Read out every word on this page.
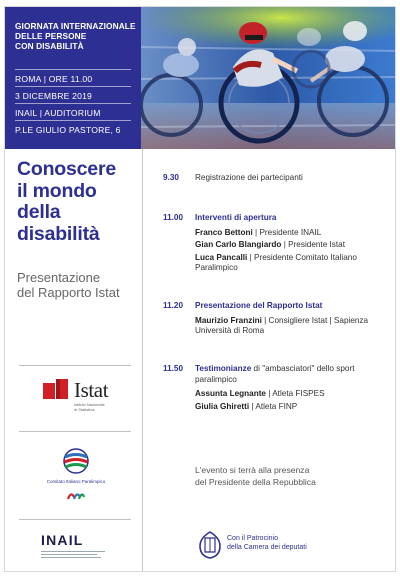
GIORNATA INTERNAZIONALE
DELLE PERSONE
CON DISABILITÀ
ROMA | ORE 11.00
3 DICEMBRE 2019
INAIL | AUDITORIUM
P.LE GIULIO PASTORE, 6
Conoscere
il mondo
della
disabilità
Presentazione
del Rapporto Istat
Istat
Istituto Nazionale
di Statistica
Comitato Italiano Paralimpico
INAIL
9.30 Registrazione dei partecipanti
11.00 Interventi di apertura
Franco Bettoni | Presidente INAIL
Gian Carlo Blangiardo | Presidente Istat
Luca Pancalli | Presidente Comitato Italiano Paralimpico
11.20 Presentazione del Rapporto Istat
Maurizio Franzini | Consigliere Istat | Sapienza Università di Roma
11.50 Testimonianze di "ambasciatori" dello sport paralimpico
Assunta Legnante | Atleta FISPES
Giulia Ghiretti | Atleta FINP
L'evento si terrà alla presenza
del Presidente della Repubblica
Con il Patrocinio
della Camera dei deputati
